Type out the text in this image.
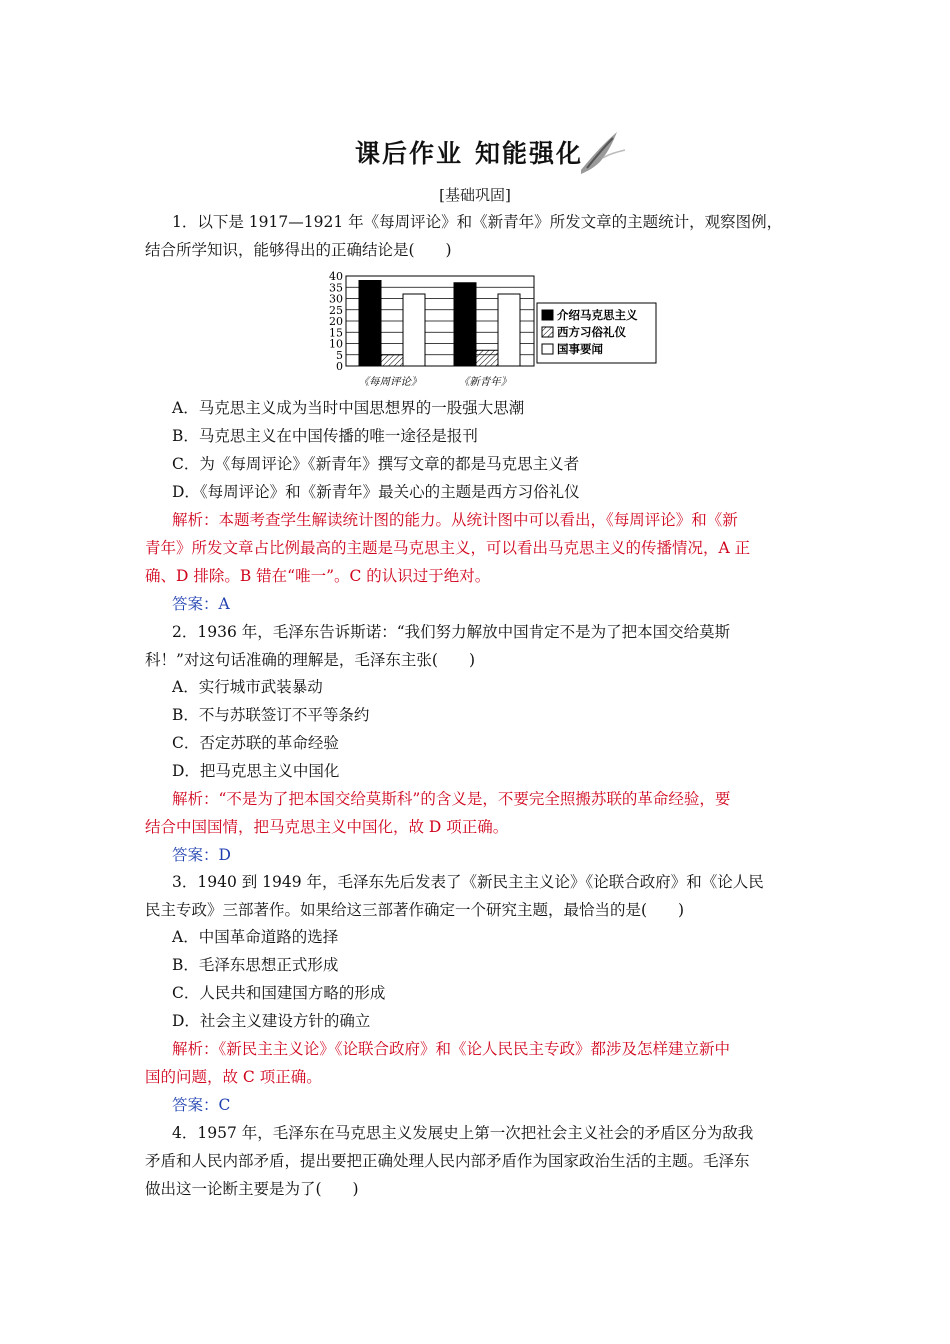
课后作业 知能强化
[基础巩固]
1．以下是 1917—1921 年《每周评论》和《新青年》所发文章的主题统计，观察图例，
结合所学知识，能够得出的正确结论是(　　)
0
5
10
15
20
25
30
35
40
《每周评论》	《新青年》
介绍马克思主义
西方习俗礼仪
国事要闻
A．马克思主义成为当时中国思想界的一股强大思潮
B．马克思主义在中国传播的唯一途径是报刊
C．为《每周评论》《新青年》撰写文章的都是马克思主义者
D．《每周评论》和《新青年》最关心的主题是西方习俗礼仪
解析：本题考查学生解读统计图的能力。从统计图中可以看出，《每周评论》和《新
青年》所发文章占比例最高的主题是马克思主义，可以看出马克思主义的传播情况，A 正
确、D 排除。B 错在“唯一”。C 的认识过于绝对。
答案：A
2．1936 年，毛泽东告诉斯诺：“我们努力解放中国肯定不是为了把本国交给莫斯
科！”对这句话准确的理解是，毛泽东主张(　　)
A．实行城市武装暴动
B．不与苏联签订不平等条约
C．否定苏联的革命经验
D．把马克思主义中国化
解析：“不是为了把本国交给莫斯科”的含义是，不要完全照搬苏联的革命经验，要
结合中国国情，把马克思主义中国化，故 D 项正确。
答案：D
3．1940 到 1949 年，毛泽东先后发表了《新民主主义论》《论联合政府》和《论人民
民主专政》三部著作。如果给这三部著作确定一个研究主题，最恰当的是(　　)
A．中国革命道路的选择
B．毛泽东思想正式形成
C．人民共和国建国方略的形成
D．社会主义建设方针的确立
解析：《新民主主义论》《论联合政府》和《论人民民主专政》都涉及怎样建立新中
国的问题，故 C 项正确。
答案：C
4．1957 年，毛泽东在马克思主义发展史上第一次把社会主义社会的矛盾区分为敌我
矛盾和人民内部矛盾，提出要把正确处理人民内部矛盾作为国家政治生活的主题。毛泽东
做出这一论断主要是为了(　　)
